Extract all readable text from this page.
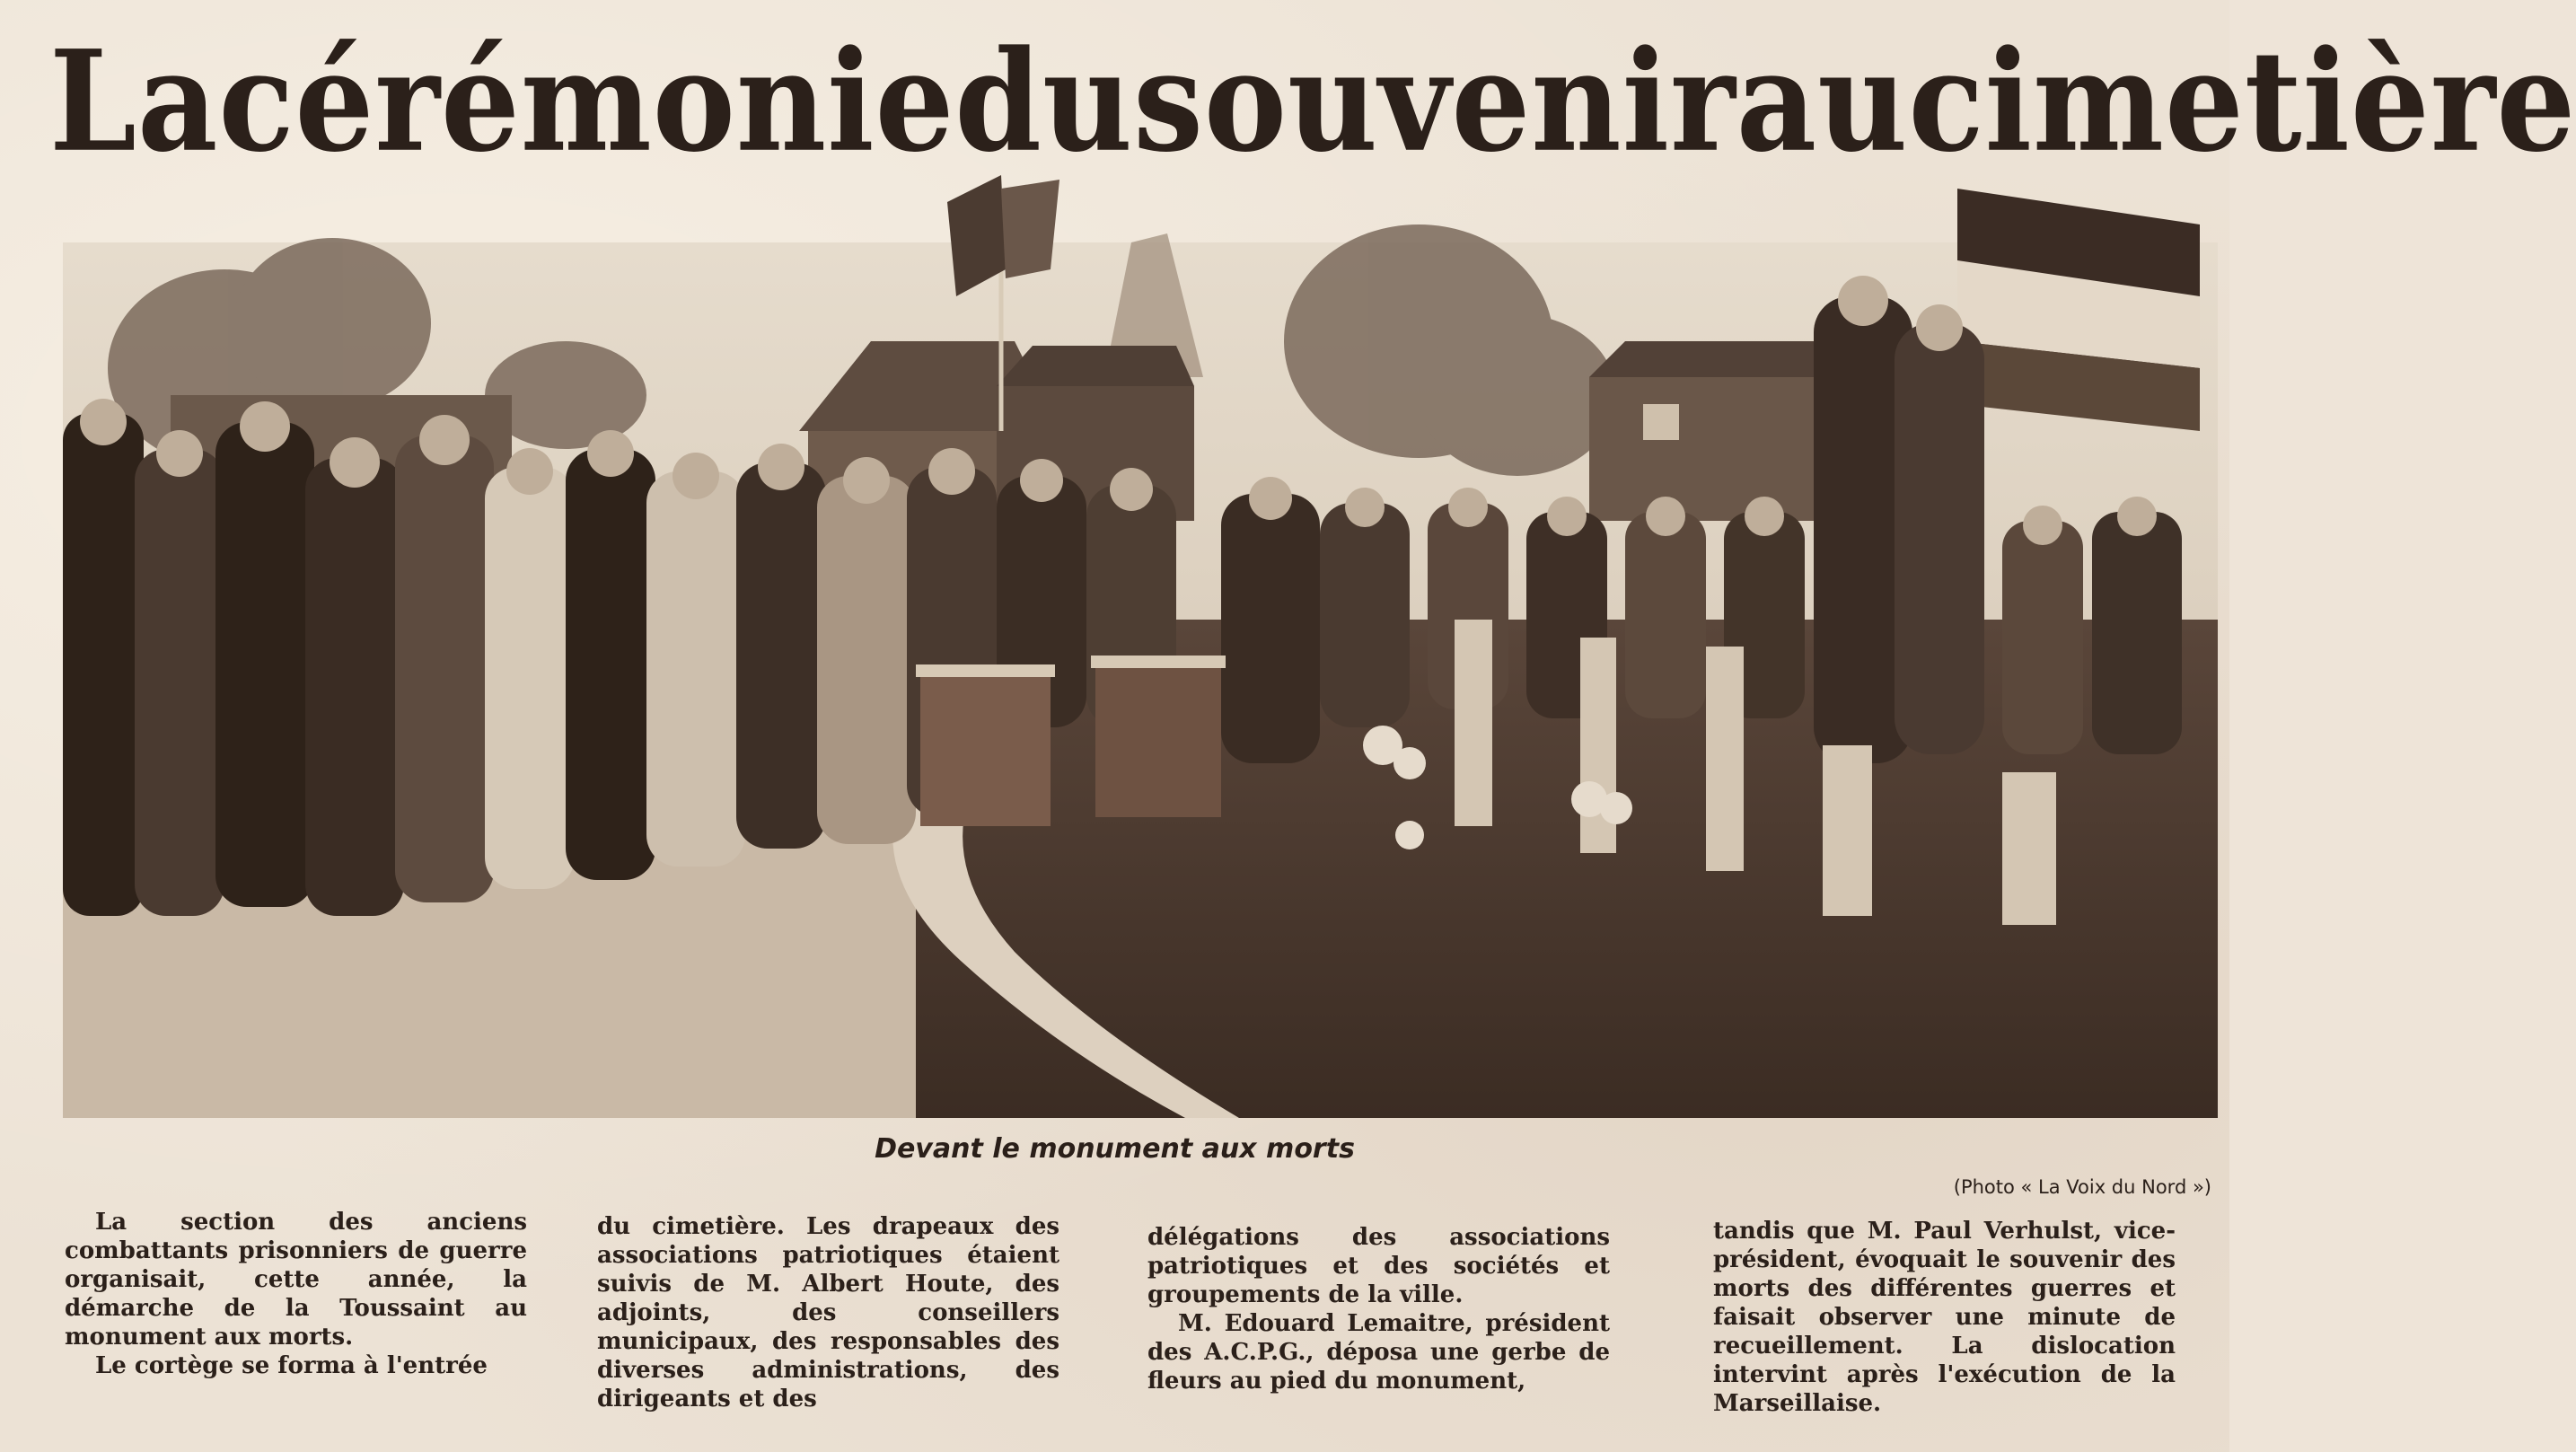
La cérémonie du souvenir au cimetière
Devant le monument aux morts
(Photo « La Voix du Nord »)

La section des anciens combattants prisonniers de guerre organisait, cette année, la démarche de la Toussaint au monument aux morts.

Le cortège se forma à l'entrée

du cimetière. Les drapeaux des associations patriotiques étaient suivis de M. Albert Houte, des adjoints, des conseillers municipaux, des responsables des diverses administrations, des dirigeants et des

délégations des associations patriotiques et des sociétés et groupements de la ville.

M. Edouard Lemaitre, président des A.C.P.G., déposa une gerbe de fleurs au pied du monument,

tandis que M. Paul Verhulst, vice-président, évoquait le souvenir des morts des différentes guerres et faisait observer une minute de recueillement. La dislocation intervint après l'exécution de la Marseillaise.
